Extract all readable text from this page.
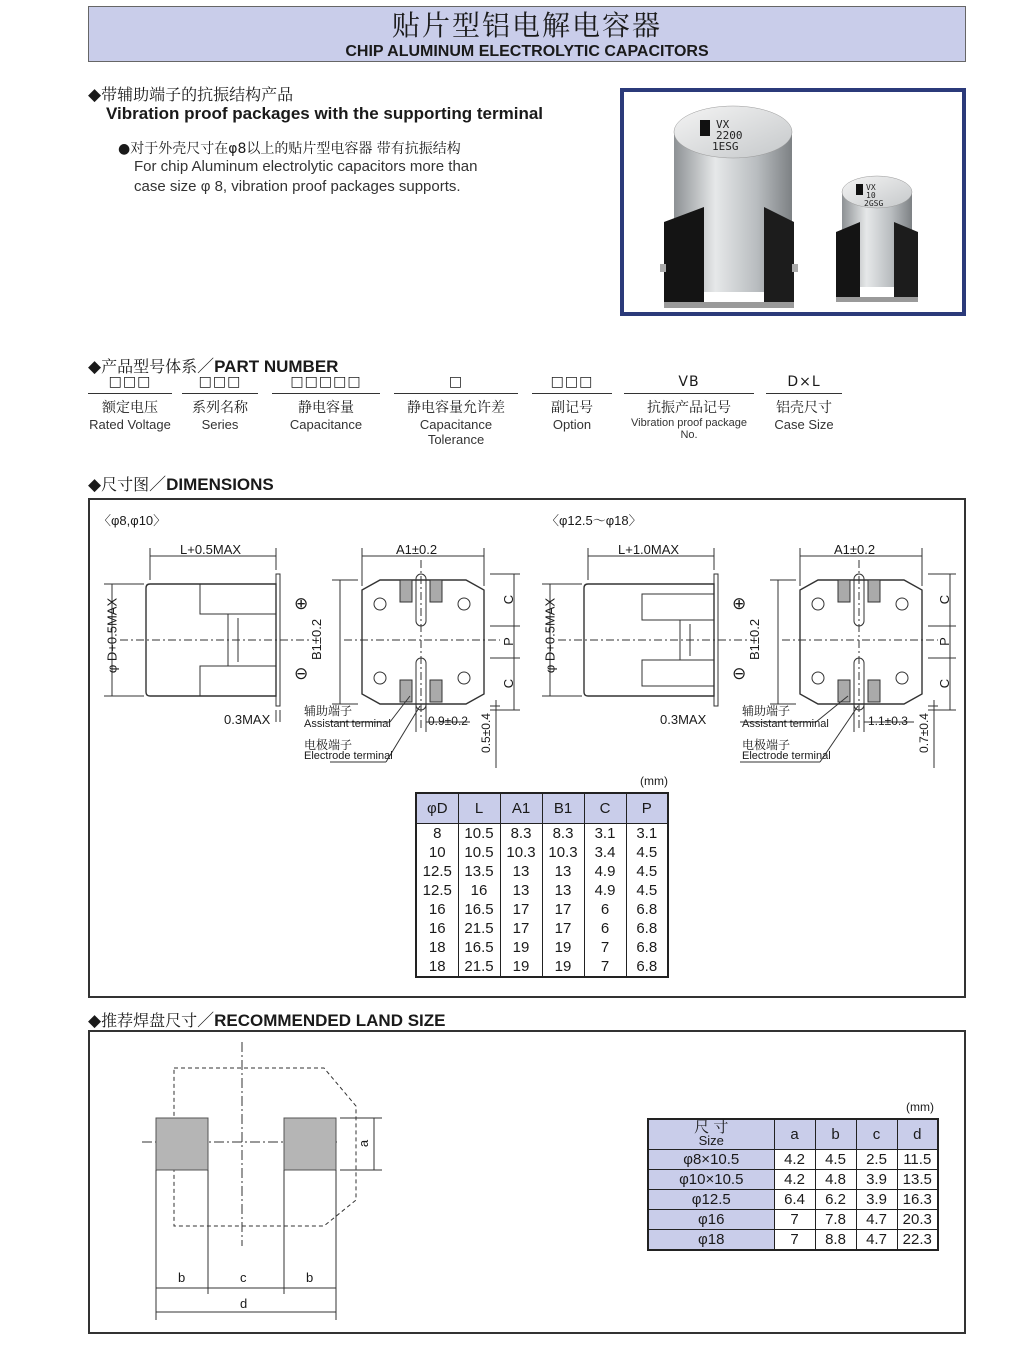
贴片型铝电解电容器
CHIP ALUMINUM ELECTROLYTIC CAPACITORS
◆带辅助端子的抗振结构产品
Vibration proof packages with the supporting terminal
●对于外壳尺寸在φ8以上的贴片型电容器 带有抗振结构
For chip Aluminum electrolytic capacitors more than
case size φ 8, vibration proof packages supports.
VX
2200
1ESG
VX
10
2GSG
◆产品型号体系／PART NUMBER
□□□
额定电压
Rated Voltage
□□□
系列名称
Series
□□□□□
静电容量
Capacitance
□
静电容量允许差
Capacitance Tolerance
□□□
副记号
Option
VB
抗振产品记号
Vibration proof package No.
D×L
铝壳尺寸
Case Size
◆尺寸图／DIMENSIONS
〈φ8,φ10〉	〈φ12.5～φ18〉
L+0.5MAX
φ D+0.5MAX
0.3MAX
A1±0.2
B1±0.2
C
P
C
⊕
⊖
0.9±0.2 0.5±0.4
辅助端子
Assistant terminal
电极端子
Electrode terminal
L+1.0MAX
φ D+0.5MAX
0.3MAX
A1±0.2
B1±0.2
C
P
C
⊕
⊖
1.1±0.3 0.7±0.4
辅助端子
Assistant terminal
电极端子
Electrode terminal
(mm)
φD	L	A1	B1	C	P
8	10.5	8.3	8.3	3.1	3.1
10	10.5	10.3	10.3	3.4	4.5
12.5	13.5	13	13	4.9	4.5
12.5	16	13	13	4.9	4.5
16	16.5	17	17	6	6.8
16	21.5	17	17	6	6.8
18	16.5	19	19	7	6.8
18	21.5	19	19	7	6.8
◆推荐焊盘尺寸／RECOMMENDED LAND SIZE
b	c	b
d
a
(mm)
尺 寸
Size	a	b	c	d
φ8×10.5	4.2	4.5	2.5	11.5
φ10×10.5	4.2	4.8	3.9	13.5
φ12.5	6.4	6.2	3.9	16.3
φ16	7	7.8	4.7	20.3
φ18	7	8.8	4.7	22.3
